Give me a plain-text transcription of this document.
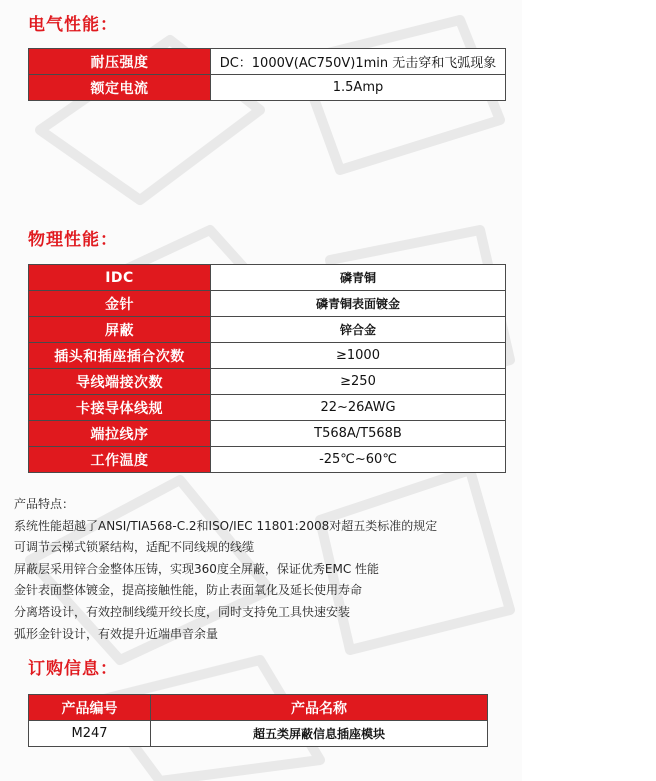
电气性能：
耐压强度	DC：1000V(AC750V)1min 无击穿和飞弧现象
额定电流	1.5Amp
物理性能：
IDC	磷青铜
金针	磷青铜表面镀金
屏蔽	锌合金
插头和插座插合次数	≥1000
导线端接次数	≥250
卡接导体线规	22~26AWG
端拉线序	T568A/T568B
工作温度	-25℃~60℃
订购信息：
产品编号	产品名称
M247	超五类屏蔽信息插座模块

产品特点：

系统性能超越了ANSI/TIA568-C.2和ISO/IEC 11801:2008对超五类标准的规定

可调节云梯式锁紧结构，适配不同线规的线缆

屏蔽层采用锌合金整体压铸，实现360度全屏蔽，保证优秀EMC 性能

金针表面整体镀金，提高接触性能，防止表面氧化及延长使用寿命

分离塔设计，有效控制线缆开绞长度，同时支持免工具快速安装

弧形金针设计，有效提升近端串音余量
